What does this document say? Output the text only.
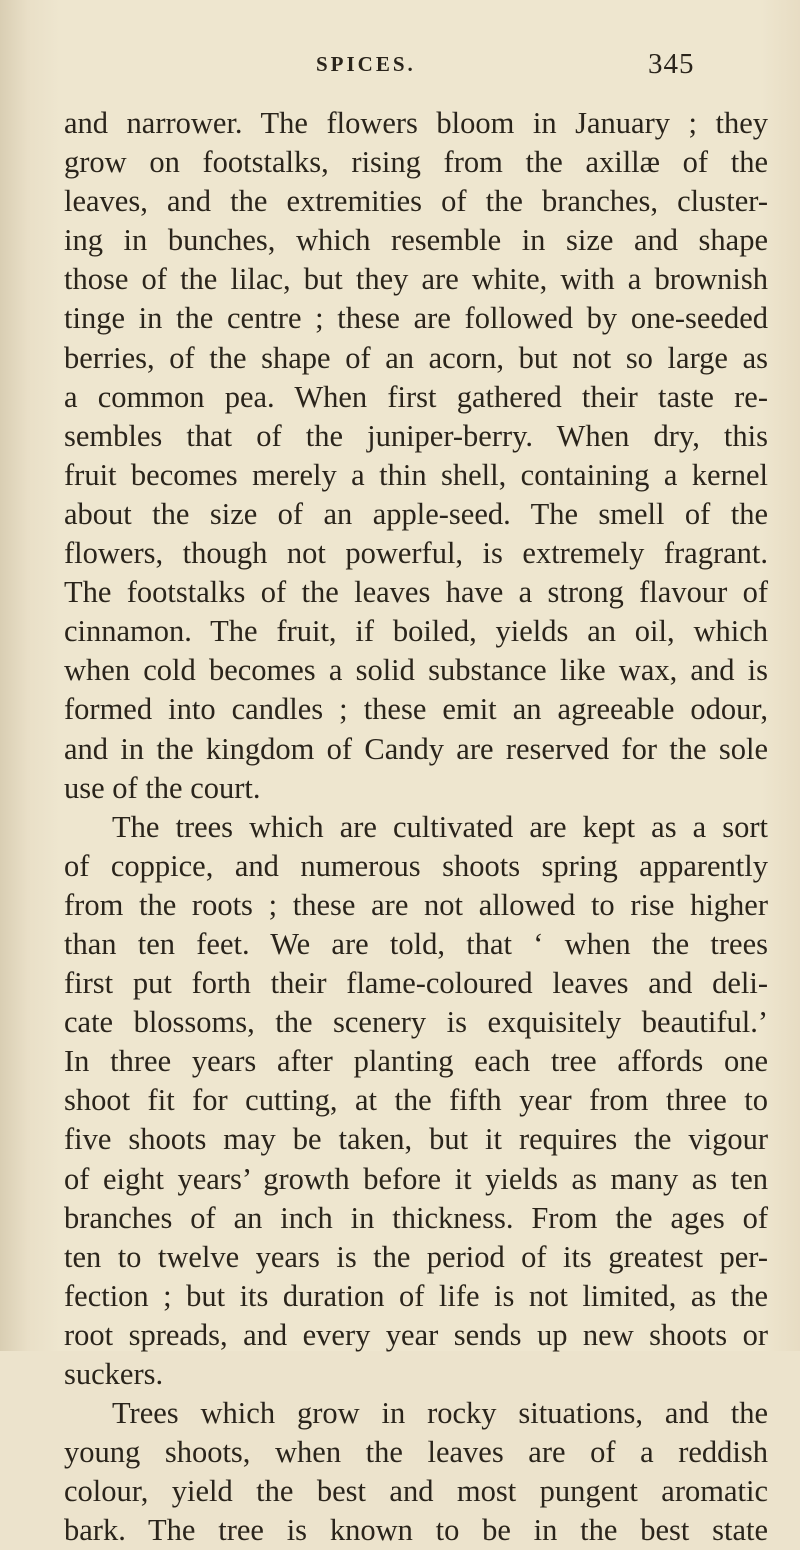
SPICES.	345
and narrower. The flowers bloom in January ; they
grow on footstalks, rising from the axillæ of the
leaves, and the extremities of the branches, cluster-
ing in bunches, which resemble in size and shape
those of the lilac, but they are white, with a brownish
tinge in the centre ; these are followed by one-seeded
berries, of the shape of an acorn, but not so large as
a common pea. When first gathered their taste re-
sembles that of the juniper-berry. When dry, this
fruit becomes merely a thin shell, containing a kernel
about the size of an apple-seed. The smell of the
flowers, though not powerful, is extremely fragrant.
The footstalks of the leaves have a strong flavour of
cinnamon. The fruit, if boiled, yields an oil, which
when cold becomes a solid substance like wax, and is
formed into candles ; these emit an agreeable odour,
and in the kingdom of Candy are reserved for the sole
use of the court.
The trees which are cultivated are kept as a sort
of coppice, and numerous shoots spring apparently
from the roots ; these are not allowed to rise higher
than ten feet. We are told, that ‘ when the trees
first put forth their flame-coloured leaves and deli-
cate blossoms, the scenery is exquisitely beautiful.’
In three years after planting each tree affords one
shoot fit for cutting, at the fifth year from three to
five shoots may be taken, but it requires the vigour
of eight years’ growth before it yields as many as ten
branches of an inch in thickness. From the ages of
ten to twelve years is the period of its greatest per-
fection ; but its duration of life is not limited, as the
root spreads, and every year sends up new shoots or
suckers.
Trees which grow in rocky situations, and the
young shoots, when the leaves are of a reddish
colour, yield the best and most pungent aromatic
bark. The tree is known to be in the best state
